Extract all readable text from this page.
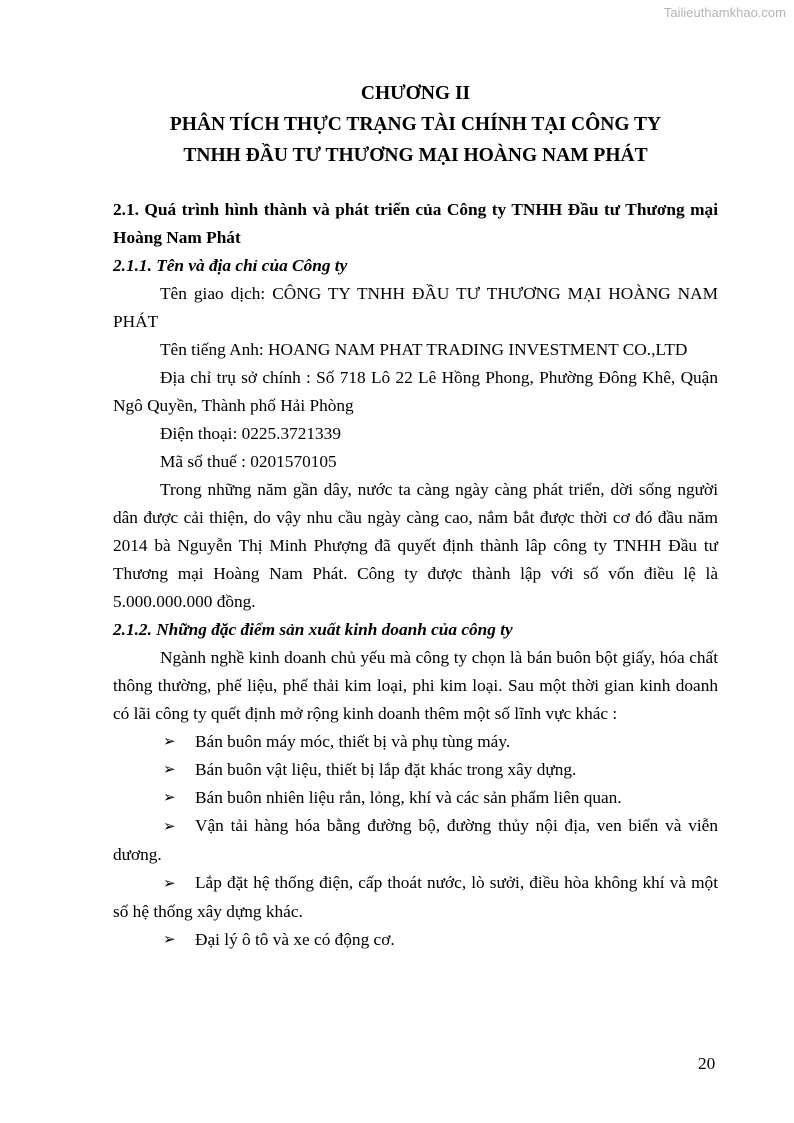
Tailieuthamkhao.com

CHƯƠNG II

PHÂN TÍCH THỰC TRẠNG TÀI CHÍNH TẠI CÔNG TY

TNHH ĐẦU TƯ THƯƠNG MẠI HOÀNG NAM PHÁT

2.1. Quá trình hình thành và phát triển của Công ty TNHH Đầu tư Thương mại Hoàng Nam Phát

2.1.1. Tên và địa chỉ của Công ty

Tên giao dịch: CÔNG TY TNHH ĐẦU TƯ THƯƠNG MẠI HOÀNG NAM PHÁT

Tên tiếng Anh: HOANG NAM PHAT TRADING INVESTMENT CO.,LTD

Địa chỉ trụ sở chính : Số 718 Lô 22 Lê Hồng Phong, Phường Đông Khê, Quận Ngô Quyền, Thành phố Hải Phòng

Điện thoại: 0225.3721339

Mã số thuế : 0201570105

Trong những năm gần dây, nước ta càng ngày càng phát triển, dời sống người dân được cải thiện, do vậy nhu cầu ngày càng cao, nắm bắt được thời cơ đó đầu năm 2014 bà Nguyễn Thị Minh Phượng đã quyết định thành lâp công ty TNHH Đầu tư Thương mại Hoàng Nam Phát. Công ty được thành lập với số vốn điều lệ là 5.000.000.000 đồng.

2.1.2. Những đặc điểm sản xuất kinh doanh của công ty

Ngành nghề kinh doanh chủ yếu mà công ty chọn là bán buôn bột giấy, hóa chất thông thường, phế liệu, phế thải kim loại, phi kim loại. Sau một thời gian kinh doanh có lãi công ty quết định mở rộng kinh doanh thêm một số lĩnh vực khác :

➢ Bán buôn máy móc, thiết bị và phụ tùng máy.

➢ Bán buôn vật liệu, thiết bị lắp đặt khác trong xây dựng.

➢ Bán buôn nhiên liệu rắn, lỏng, khí và các sản phẩm liên quan.

➢ Vận tải hàng hóa bằng đường bộ, đường thủy nội địa, ven biển và viễn dương.

➢ Lắp đặt hệ thống điện, cấp thoát nước, lò sưởi, điều hòa không khí và một số hệ thống xây dựng khác.

➢ Đại lý ô tô và xe có động cơ.

20
